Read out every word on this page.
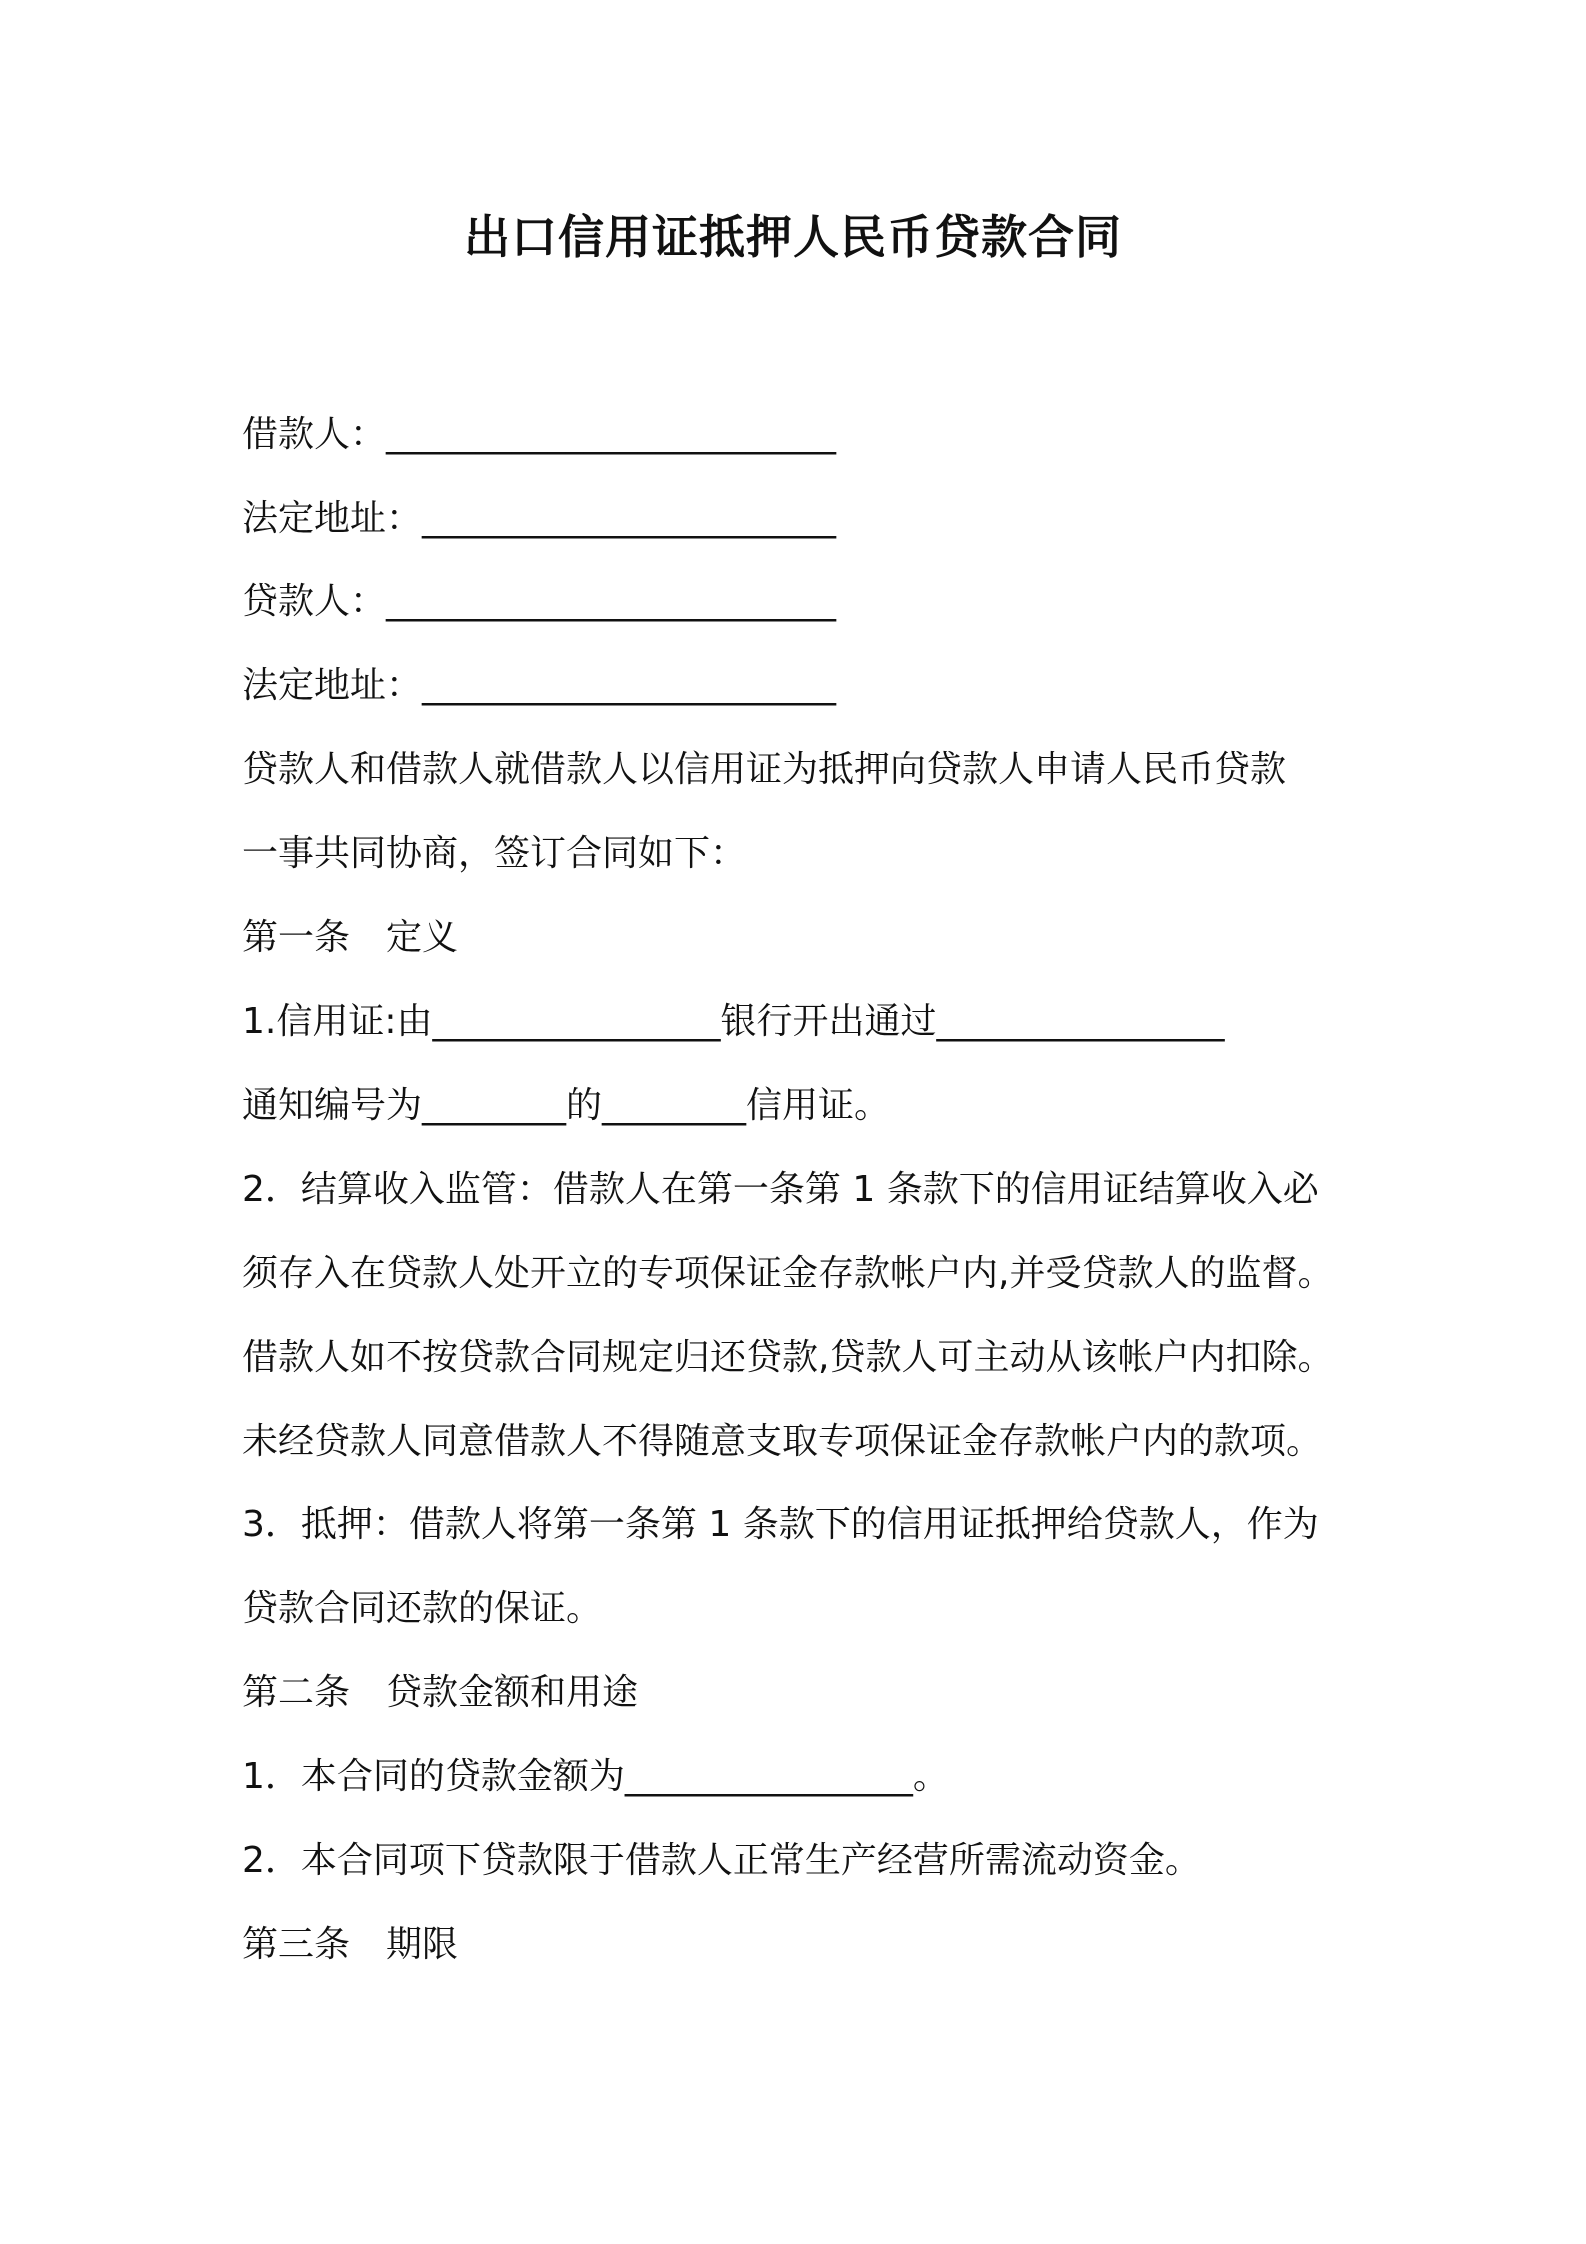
出口信用证抵押人民币贷款合同
借款人：_________________________
法定地址：_______________________
贷款人：_________________________
法定地址：_______________________
贷款人和借款人就借款人以信用证为抵押向贷款人申请人民币贷款
一事共同协商，签订合同如下：
第一条　定义
1.信用证:由________________银行开出通过________________
通知编号为________的________信用证。
2．结算收入监管：借款人在第一条第 1 条款下的信用证结算收入必
须存入在贷款人处开立的专项保证金存款帐户内,并受贷款人的监督。
借款人如不按贷款合同规定归还贷款,贷款人可主动从该帐户内扣除。
未经贷款人同意借款人不得随意支取专项保证金存款帐户内的款项。
3．抵押：借款人将第一条第 1 条款下的信用证抵押给贷款人，作为
贷款合同还款的保证。
第二条　贷款金额和用途
1．本合同的贷款金额为________________。
2．本合同项下贷款限于借款人正常生产经营所需流动资金。
第三条　期限
